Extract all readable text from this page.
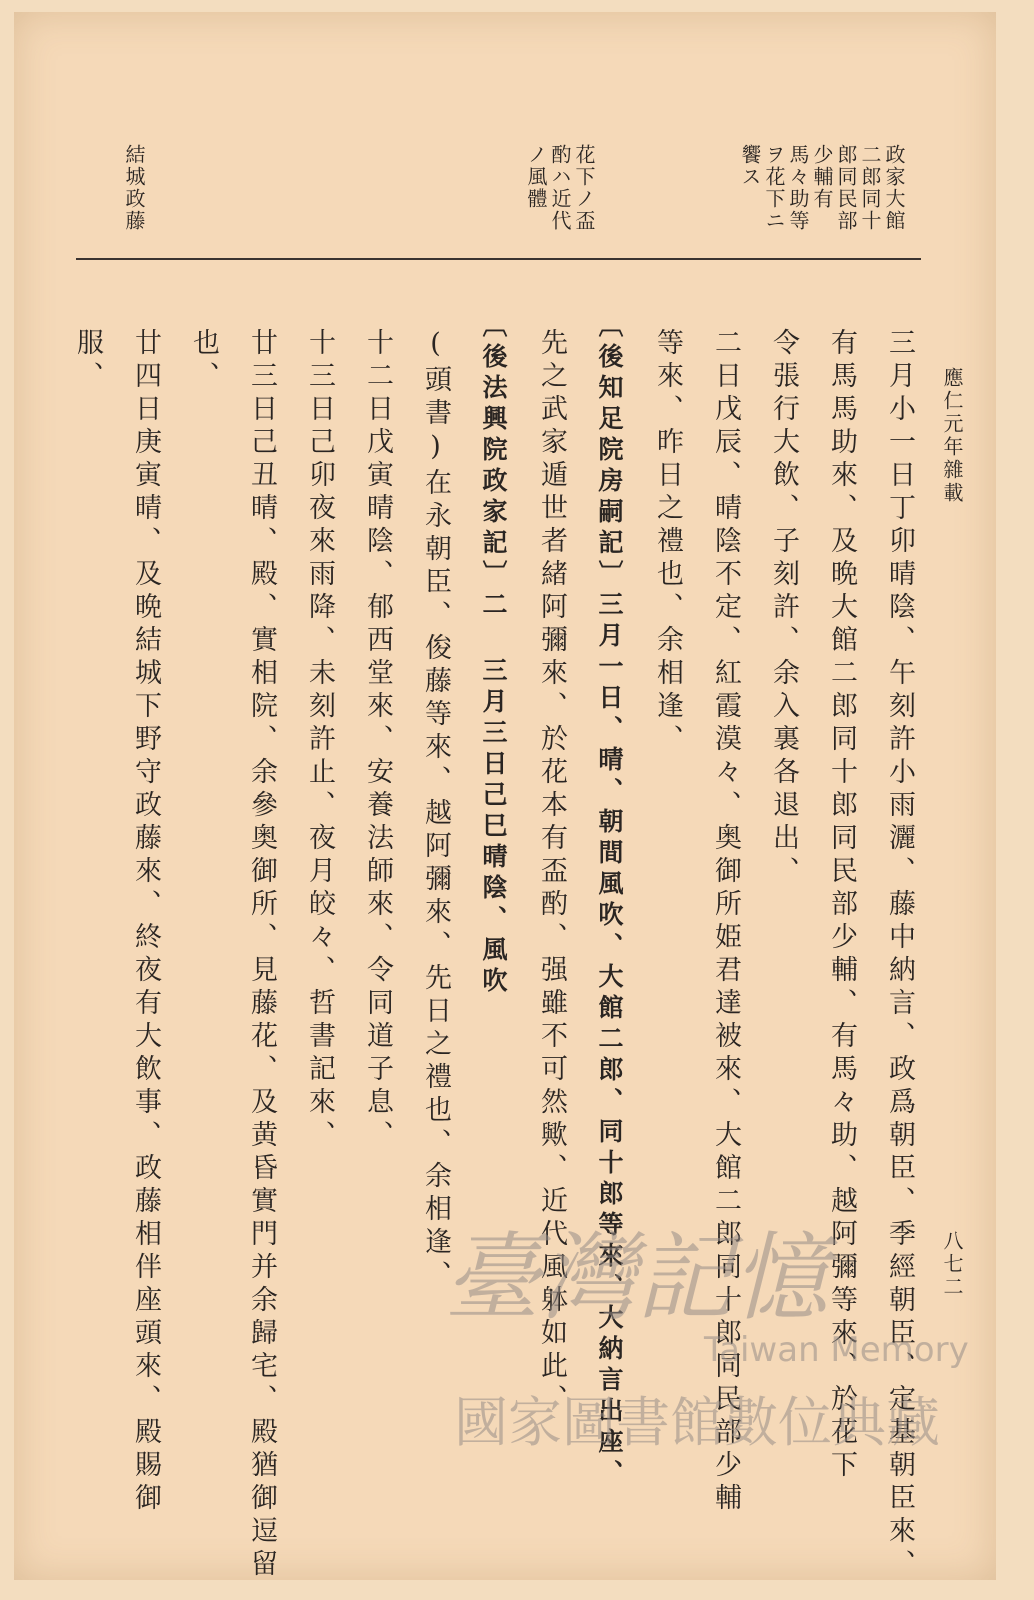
應仁元年雜載
八七二
政家大館二郎同十郎同民部少輔有馬々助等ヲ花下ニ饗ス
花下ノ盃酌ハ近代ノ風體
結城政藤
三月小一日丁卯晴陰、午刻許小雨灑、藤中納言、政爲朝臣、季經朝臣、定基朝臣來、
有馬馬助來、及晩大館二郎同十郎同民部少輔、有馬々助、越阿彌等來、於花下
令張行大飲、子刻許、余入裏各退出、
二日戊辰、晴陰不定、紅霞漠々、奥御所姫君達被來、大館二郎同十郎同民部少輔
等來、昨日之禮也、余相逢、
〔後知足院房嗣記〕三月一日、晴、朝間風吹、大館二郎、同十郎等來、大納言出座、
先之武家遁世者緒阿彌來、於花本有盃酌、强雖不可然歟、近代風躰如此、
〔後法興院政家記〕二 三月三日己巳晴陰、風吹
(頭書)在永朝臣、俊藤等來、越阿彌來、先日之禮也、余相逢、
十二日戊寅晴陰、郁西堂來、安養法師來、令同道子息、
十三日己卯夜來雨降、未刻許止、夜月皎々、哲書記來、
廿三日己丑晴、殿、實相院、余參奥御所、見藤花、及黄昏實門并余歸宅、殿猶御逗留
也、
廿四日庚寅晴、及晩結城下野守政藤來、終夜有大飲事、政藤相伴座頭來、殿賜御
服、
臺灣記憶
Taiwan Memory
國家圖書館數位典藏
